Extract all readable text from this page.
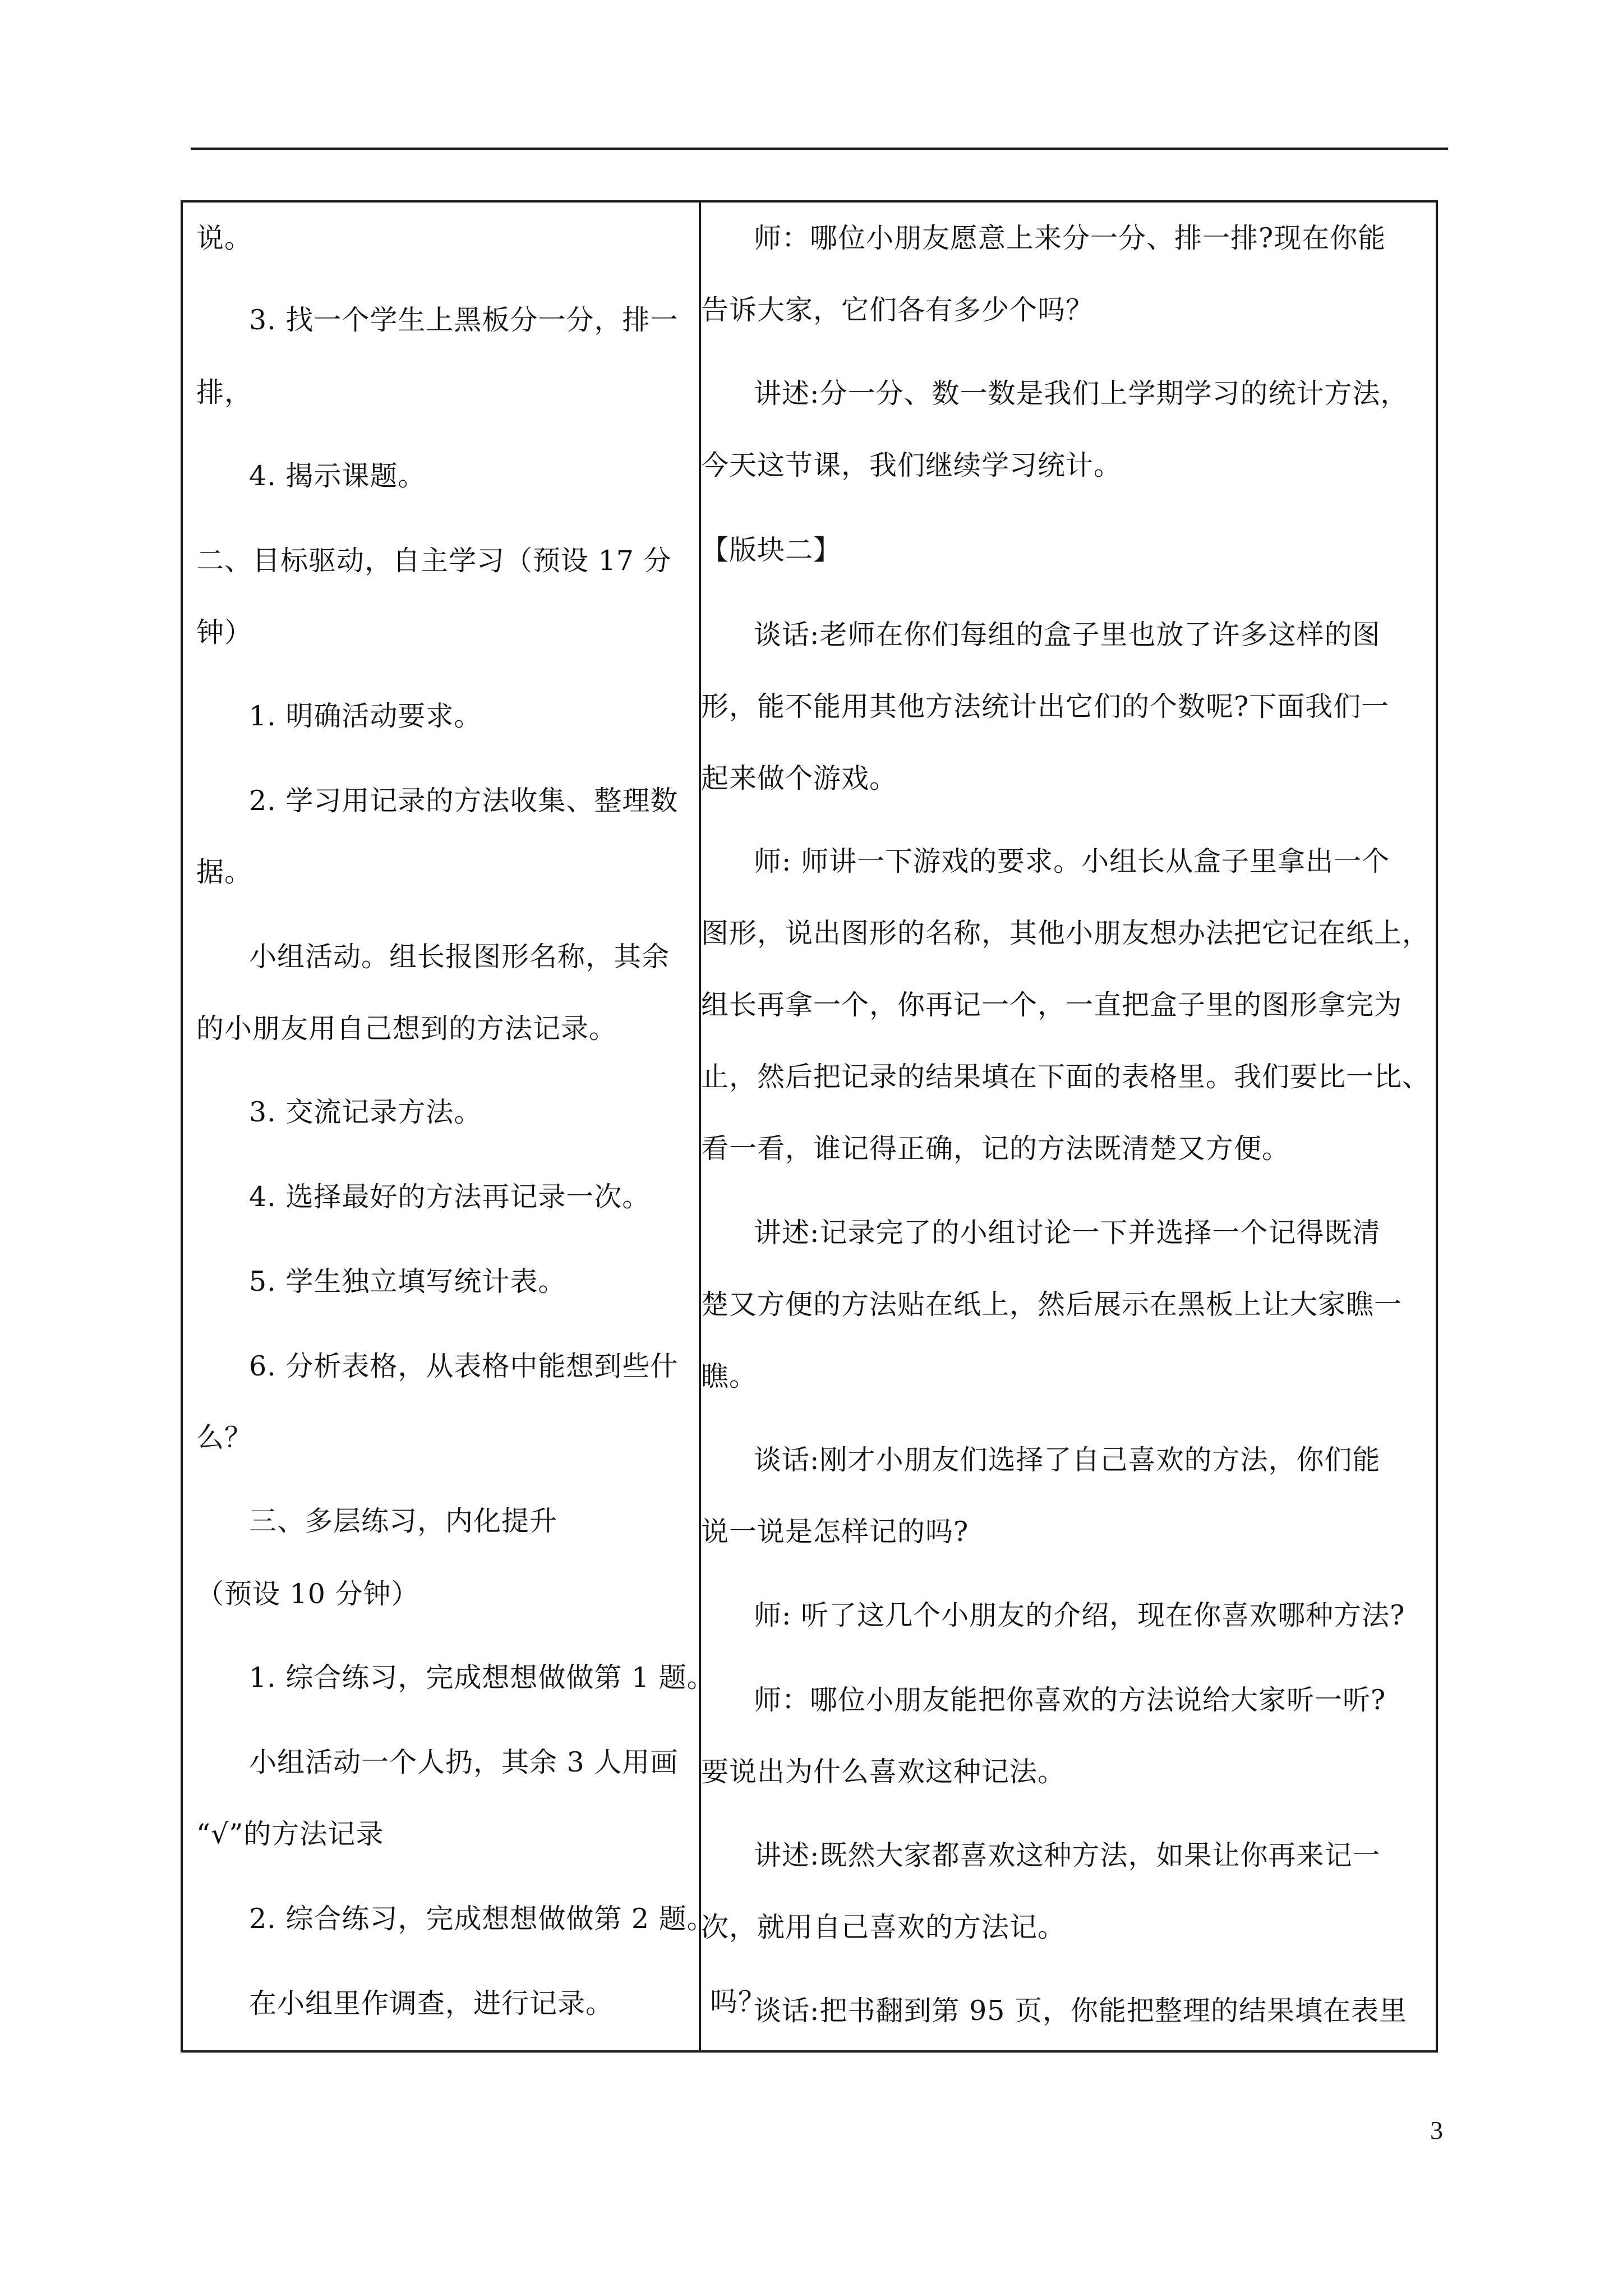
说。
3. 找一个学生上黑板分一分，排一
排，
4. 揭示课题。
二、目标驱动，自主学习（预设 17 分
钟）
1. 明确活动要求。
2. 学习用记录的方法收集、整理数
据。
小组活动。组长报图形名称，其余
的小朋友用自己想到的方法记录。
3. 交流记录方法。
4. 选择最好的方法再记录一次。
5. 学生独立填写统计表。
6. 分析表格，从表格中能想到些什
么？
三、多层练习，内化提升
（预设 10 分钟）
1. 综合练习，完成想想做做第 1 题。
小组活动一个人扔，其余 3 人用画
“√”的方法记录
2. 综合练习，完成想想做做第 2 题。
在小组里作调查，进行记录。
师：哪位小朋友愿意上来分一分、排一排?现在你能
告诉大家，它们各有多少个吗？
讲述:分一分、数一数是我们上学期学习的统计方法，
今天这节课，我们继续学习统计。
【版块二】
谈话:老师在你们每组的盒子里也放了许多这样的图
形，能不能用其他方法统计出它们的个数呢?下面我们一
起来做个游戏。
师: 师讲一下游戏的要求。小组长从盒子里拿出一个
图形，说出图形的名称，其他小朋友想办法把它记在纸上，
组长再拿一个，你再记一个，一直把盒子里的图形拿完为
止，然后把记录的结果填在下面的表格里。我们要比一比、
看一看，谁记得正确，记的方法既清楚又方便。
讲述:记录完了的小组讨论一下并选择一个记得既清
楚又方便的方法贴在纸上，然后展示在黑板上让大家瞧一
瞧。
谈话:刚才小朋友们选择了自己喜欢的方法，你们能
说一说是怎样记的吗?
师: 听了这几个小朋友的介绍，现在你喜欢哪种方法?
师：哪位小朋友能把你喜欢的方法说给大家听一听?
要说出为什么喜欢这种记法。
讲述:既然大家都喜欢这种方法，如果让你再来记一
次，就用自己喜欢的方法记。
谈话:把书翻到第 95 页，你能把整理的结果填在表里
吗？
3
